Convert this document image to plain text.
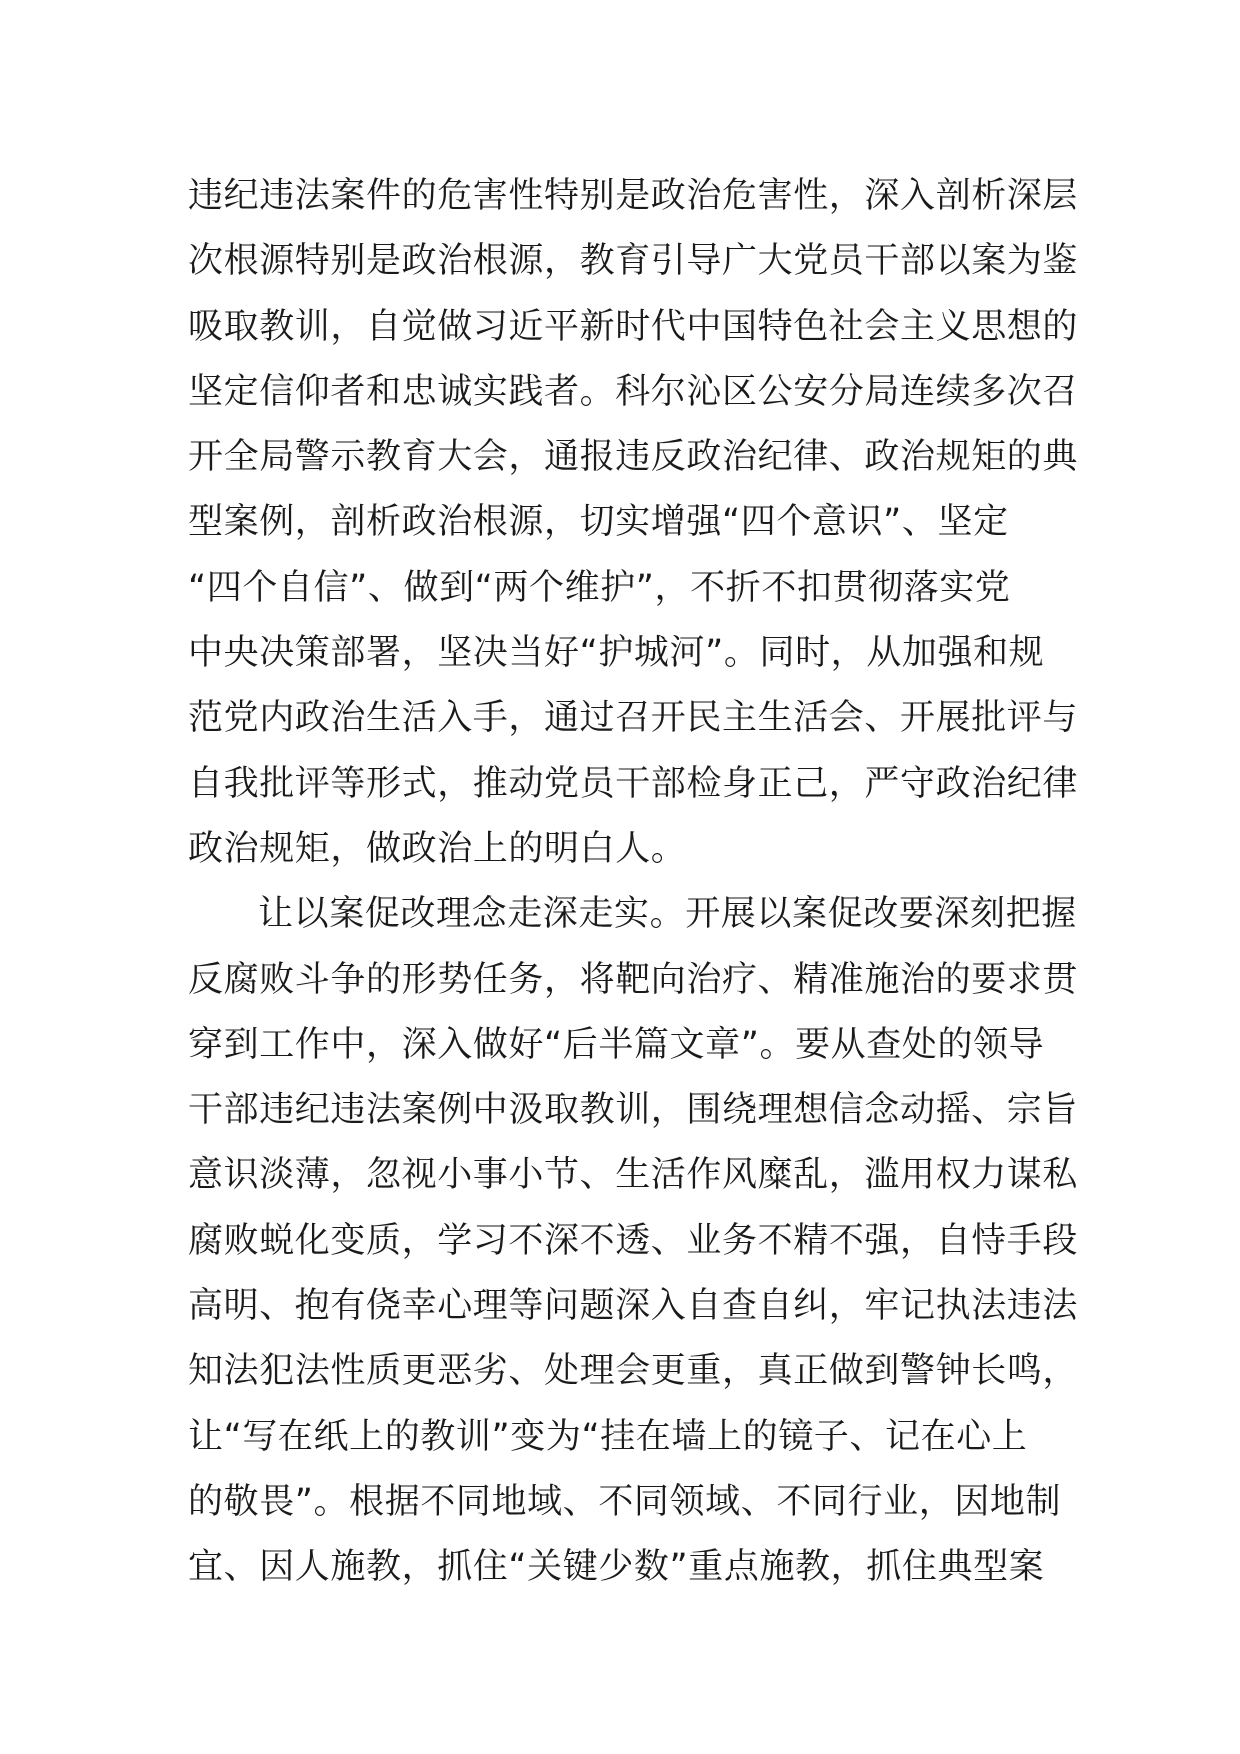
违纪违法案件的危害性特别是政治危害性，深入剖析深层
次根源特别是政治根源，教育引导广大党员干部以案为鉴
吸取教训，自觉做习近平新时代中国特色社会主义思想的
坚定信仰者和忠诚实践者。科尔沁区公安分局连续多次召
开全局警示教育大会，通报违反政治纪律、政治规矩的典
型案例，剖析政治根源，切实增强“四个意识”、坚定
“四个自信”、做到“两个维护”，不折不扣贯彻落实党
中央决策部署，坚决当好“护城河”。同时，从加强和规
范党内政治生活入手，通过召开民主生活会、开展批评与
自我批评等形式，推动党员干部检身正己，严守政治纪律
政治规矩，做政治上的明白人。
让以案促改理念走深走实。开展以案促改要深刻把握
反腐败斗争的形势任务，将靶向治疗、精准施治的要求贯
穿到工作中，深入做好“后半篇文章”。要从查处的领导
干部违纪违法案例中汲取教训，围绕理想信念动摇、宗旨
意识淡薄，忽视小事小节、生活作风糜乱，滥用权力谋私
腐败蜕化变质，学习不深不透、业务不精不强，自恃手段
高明、抱有侥幸心理等问题深入自查自纠，牢记执法违法
知法犯法性质更恶劣、处理会更重，真正做到警钟长鸣，
让“写在纸上的教训”变为“挂在墙上的镜子、记在心上
的敬畏”。根据不同地域、不同领域、不同行业，因地制
宜、因人施教，抓住“关键少数”重点施教，抓住典型案
